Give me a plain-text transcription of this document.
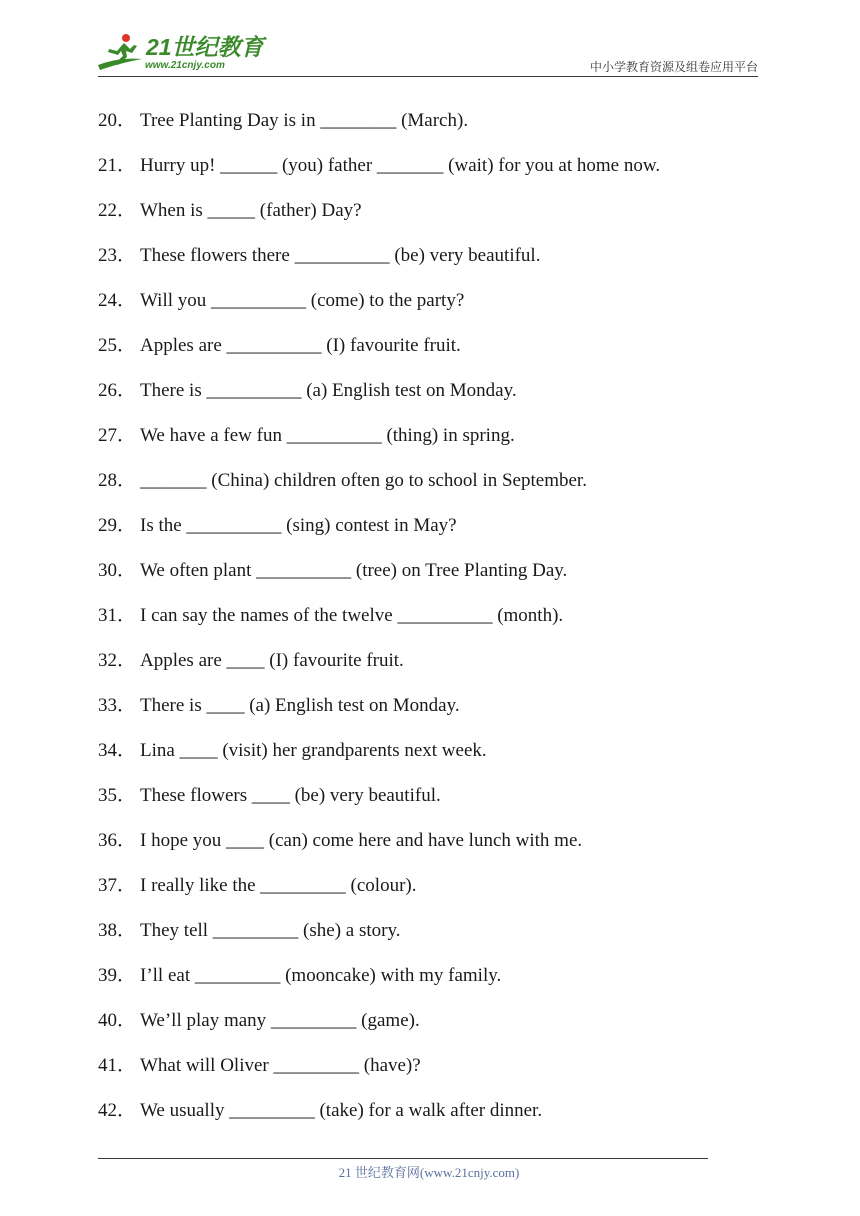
21世纪教育
www.21cnjy.com	中小学教育资源及组卷应用平台
20． Tree Planting Day is in ________ (March).
21． Hurry up! ______ (you) father _______ (wait) for you at home now.
22． When is _____ (father) Day?
23． These flowers there __________ (be) very beautiful.
24． Will you __________ (come) to the party?
25． Apples are __________ (I) favourite fruit.
26． There is __________ (a) English test on Monday.
27． We have a few fun __________ (thing) in spring.
28． _______ (China) children often go to school in September.
29． Is the __________ (sing) contest in May?
30． We often plant __________ (tree) on Tree Planting Day.
31． I can say the names of the twelve __________ (month).
32． Apples are ____ (I) favourite fruit.
33． There is ____ (a) English test on Monday.
34． Lina ____ (visit) her grandparents next week.
35． These flowers ____ (be) very beautiful.
36． I hope you ____ (can) come here and have lunch with me.
37． I really like the _________ (colour).
38． They tell _________ (she) a story.
39． I’ll eat _________ (mooncake) with my family.
40． We’ll play many _________ (game).
41． What will Oliver _________ (have)?
42． We usually _________ (take) for a walk after dinner.
21 世纪教育网(www.21cnjy.com)
